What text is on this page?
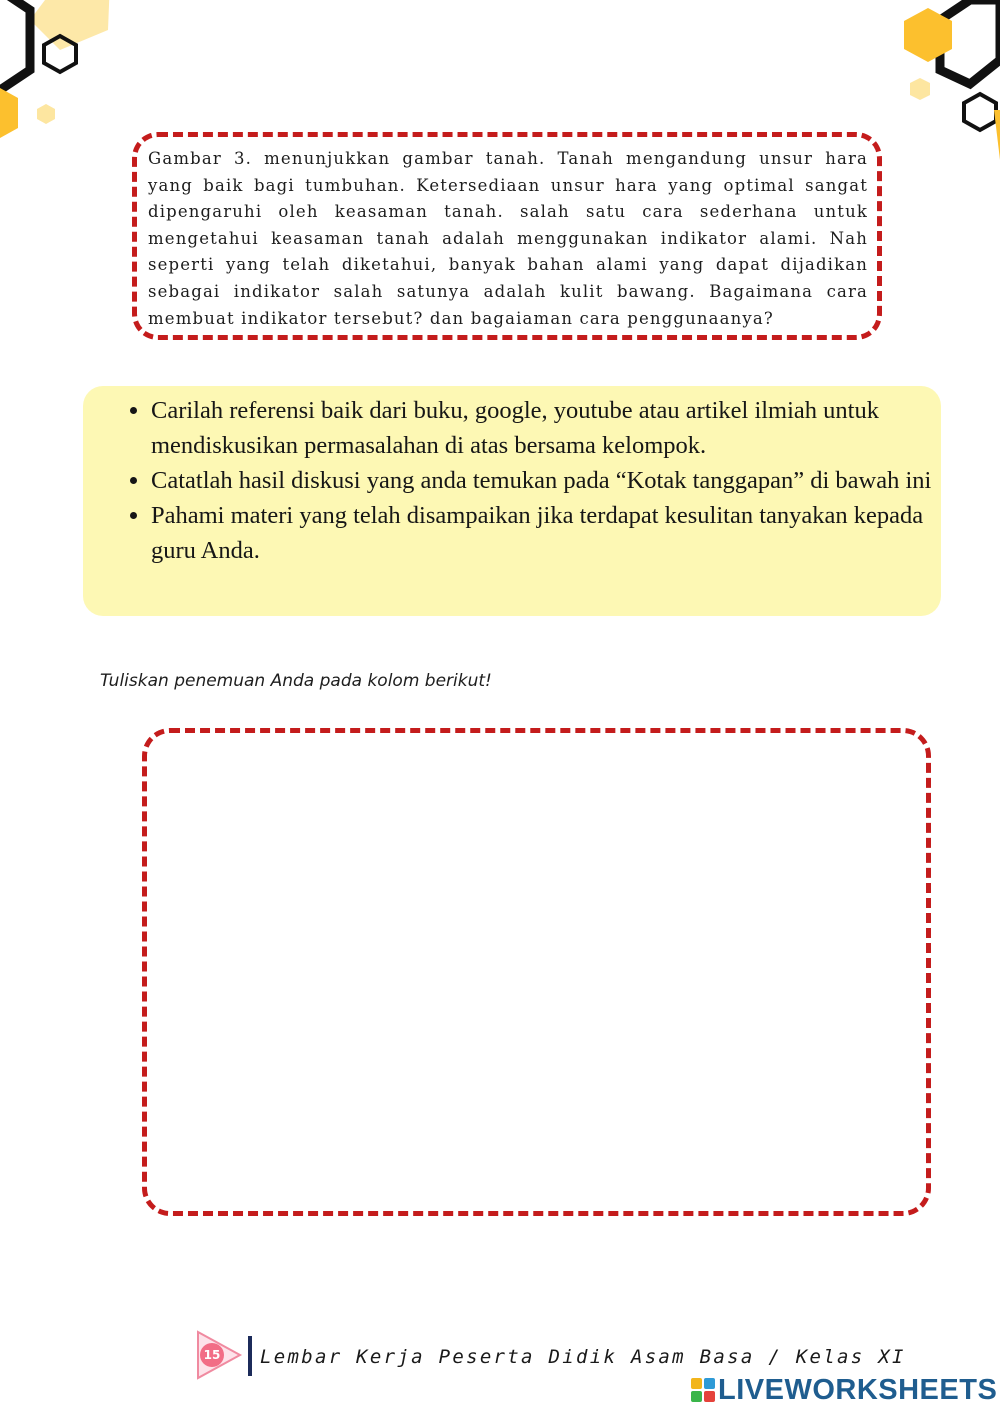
Gambar 3. menunjukkan gambar tanah. Tanah mengandung unsur hara yang baik bagi tumbuhan. Ketersediaan unsur hara yang optimal sangat dipengaruhi oleh keasaman tanah. salah satu cara sederhana untuk mengetahui keasaman tanah adalah menggunakan indikator alami. Nah seperti yang telah diketahui, banyak bahan alami yang dapat dijadikan sebagai indikator salah satunya adalah kulit bawang. Bagaimana cara membuat indikator tersebut? dan bagaiaman cara penggunaanya?

• Carilah referensi baik dari buku, google, youtube atau artikel ilmiah untuk mendiskusikan permasalahan di atas bersama kelompok.
• Catatlah hasil diskusi yang anda temukan pada “Kotak tanggapan” di bawah ini
• Pahami materi yang telah disampaikan jika terdapat kesulitan tanyakan kepada guru Anda.
Tuliskan penemuan Anda pada kolom berikut!
15 Lembar Kerja Peserta Didik Asam Basa / Kelas XI
LIVEWORKSHEETS
